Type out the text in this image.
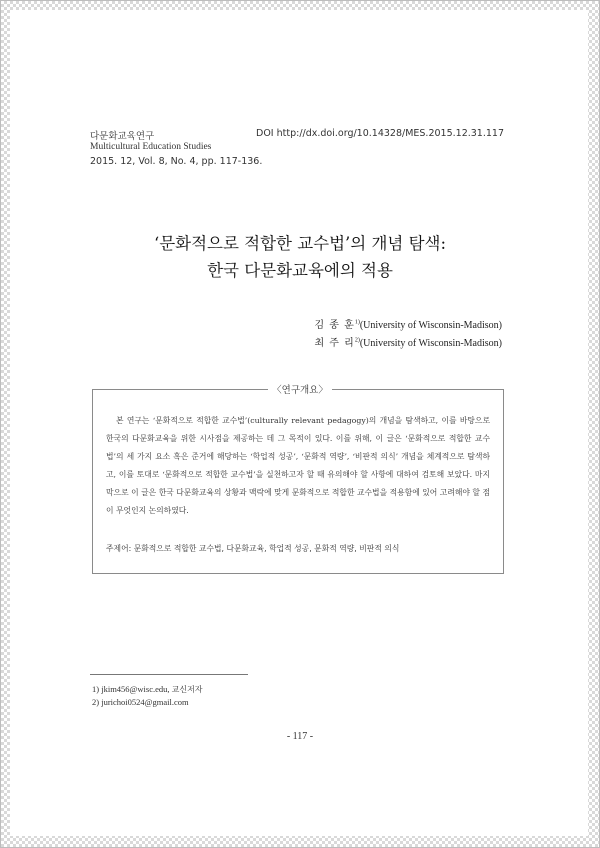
다문화교육연구	DOI http://dx.doi.org/10.14328/MES.2015.12.31.117
Multicultural Education Studies
2015. 12, Vol. 8, No. 4, pp. 117-136.
‘문화적으로 적합한 교수법’의 개념 탐색:
한국 다문화교육에의 적용
김 종 훈$^{1)}$(University of Wisconsin-Madison)
최 주 리$^{2)}$(University of Wisconsin-Madison)
〈연구개요〉
본 연구는 ‘문화적으로 적합한 교수법’(culturally relevant pedagogy)의 개념을 탐색하고, 이를 바탕으로 한국의 다문화교육을 위한 시사점을 제공하는 데 그 목적이 있다. 이를 위해, 이 글은 ‘문화적으로 적합한 교수법’의 세 가지 요소 혹은 준거에 해당하는 ‘학업적 성공’, ‘문화적 역량’, ‘비판적 의식’ 개념을 체계적으로 탐색하고, 이를 토대로 ‘문화적으로 적합한 교수법’을 실천하고자 할 때 유의해야 할 사항에 대하여 검토해 보았다. 마지막으로 이 글은 한국 다문화교육의 상황과 맥락에 맞게 문화적으로 적합한 교수법을 적용함에 있어 고려해야 할 점이 무엇인지 논의하였다.
주제어: 문화적으로 적합한 교수법, 다문화교육, 학업적 성공, 문화적 역량, 비판적 의식
1) jkim456@wisc.edu, 교신저자
2) jurichoi0524@gmail.com
- 117 -
